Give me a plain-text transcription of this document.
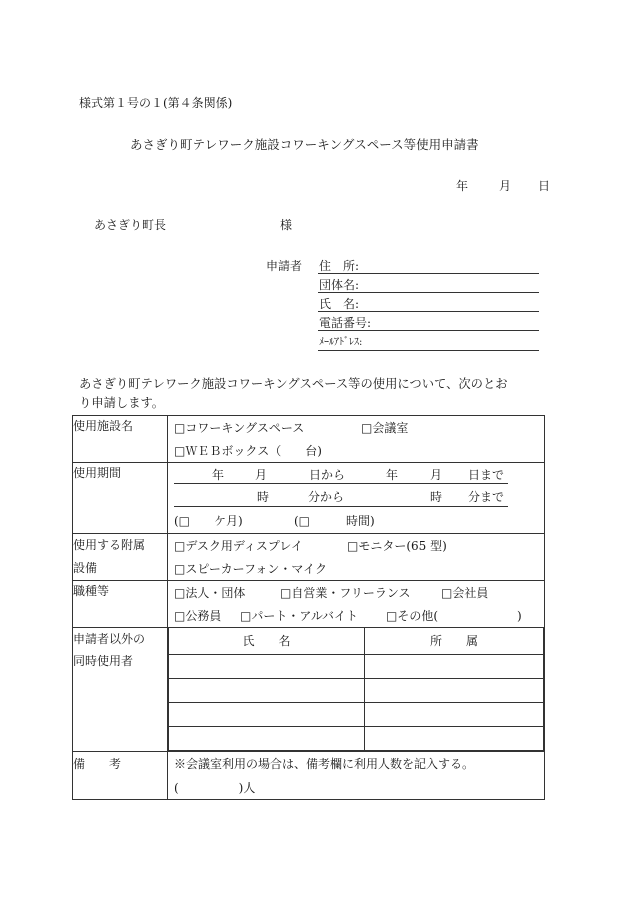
様式第１号の１(第４条関係)
あさぎり町テレワーク施設コワーキングスペース等使用申請書
年	月 日
あさぎり町長	様
申請者 住　所:
団体名:
氏　名:
電話番号:
ﾒｰﾙｱﾄﾞﾚｽ:
あさぎり町テレワーク施設コワーキングスペース等の使用について、次のとお
り申請します。
使用施設名	□コワーキングスペース	□会議室
□ＷＥＢボックス（　　台)

使用期間	年	月	日から	年	月 日まで
時	分から	時 分まで
(□　　ケ月)	(□　　　時間)

使用する附属
設備

□デスク用ディスプレイ	□モニター(65 型)
□スピーカーフォン・マイク

職種等	□法人・団体	□自営業・フリーランス	□会社員
□公務員 □パート・アルバイト □その他(	)

申請者以外の
同時使用者

氏　　名	所　　属

備　　考	※会議室利用の場合は、備考欄に利用人数を記入する。
(　　　　　)人
